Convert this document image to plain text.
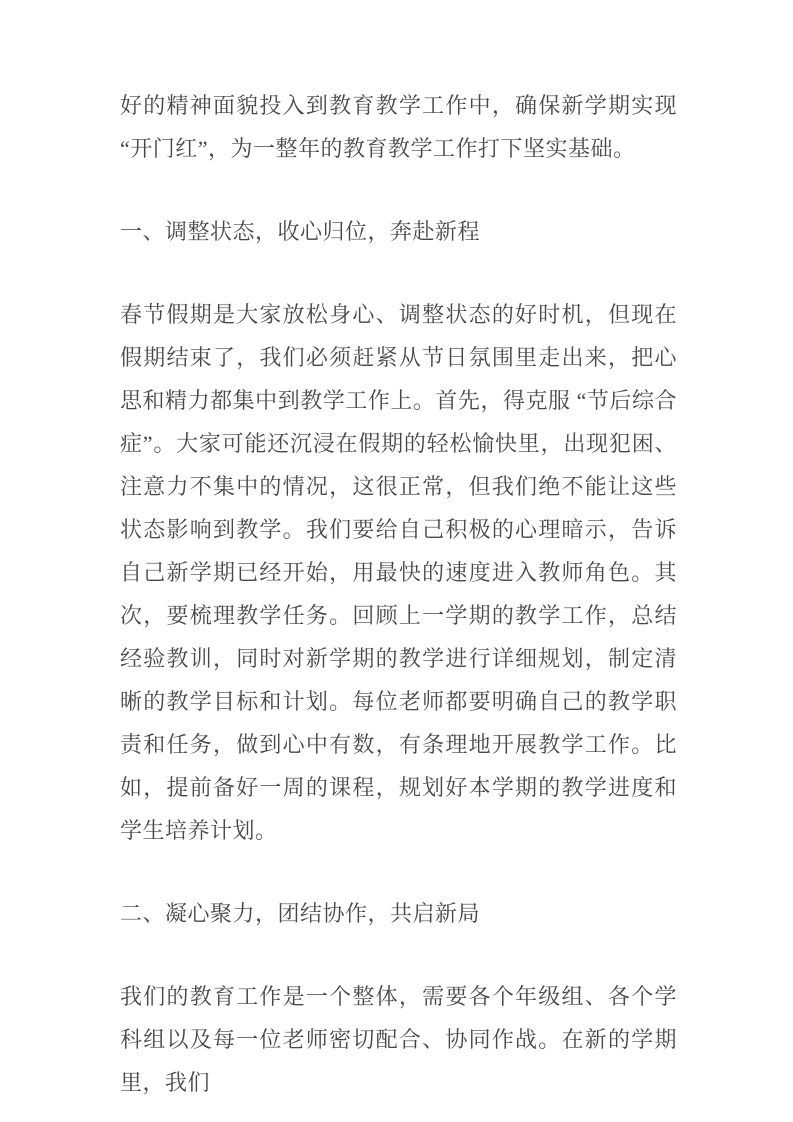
好的精神面貌投入到教育教学工作中，确保新学期实现 “开门红”，为一整年的教育教学工作打下坚实基础。

一、调整状态，收心归位，奔赴新程

春节假期是大家放松身心、调整状态的好时机，但现在假期结束了，我们必须赶紧从节日氛围里走出来，把心思和精力都集中到教学工作上。首先，得克服 “节后综合症”。大家可能还沉浸在假期的轻松愉快里，出现犯困、注意力不集中的情况，这很正常，但我们绝不能让这些状态影响到教学。我们要给自己积极的心理暗示，告诉自己新学期已经开始，用最快的速度进入教师角色。其次，要梳理教学任务。回顾上一学期的教学工作，总结经验教训，同时对新学期的教学进行详细规划，制定清晰的教学目标和计划。每位老师都要明确自己的教学职责和任务，做到心中有数，有条理地开展教学工作。比如，提前备好一周的课程，规划好本学期的教学进度和学生培养计划。

二、凝心聚力，团结协作，共启新局

我们的教育工作是一个整体，需要各个年级组、各个学科组以及每一位老师密切配合、协同作战。在新的学期里，我们
